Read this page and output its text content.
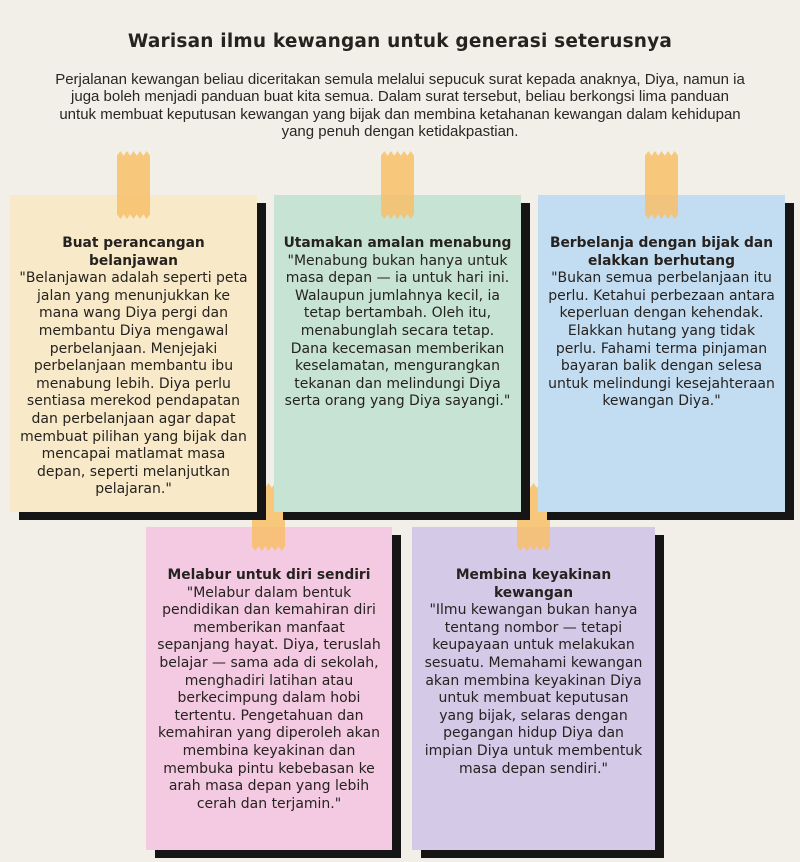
Warisan ilmu kewangan untuk generasi seterusnya

Perjalanan kewangan beliau diceritakan semula melalui sepucuk surat kepada anaknya, Diya, namun ia juga boleh menjadi panduan buat kita semua. Dalam surat tersebut, beliau berkongsi lima panduan untuk membuat keputusan kewangan yang bijak dan membina ketahanan kewangan dalam kehidupan yang penuh dengan ketidakpastian.

Melabur untuk diri sendiri

"Melabur dalam bentuk pendidikan dan kemahiran diri memberikan manfaat sepanjang hayat. Diya, teruslah belajar — sama ada di sekolah, menghadiri latihan atau berkecimpung dalam hobi tertentu. Pengetahuan dan kemahiran yang diperoleh akan membina keyakinan dan membuka pintu kebebasan ke arah masa depan yang lebih cerah dan terjamin."

Membina keyakinan kewangan

"Ilmu kewangan bukan hanya tentang nombor — tetapi keupayaan untuk melakukan sesuatu. Memahami kewangan akan membina keyakinan Diya untuk membuat keputusan yang bijak, selaras dengan pegangan hidup Diya dan impian Diya untuk membentuk masa depan sendiri."

Buat perancangan belanjawan

"Belanjawan adalah seperti peta jalan yang menunjukkan ke mana wang Diya pergi dan membantu Diya mengawal perbelanjaan. Menjejaki perbelanjaan membantu ibu menabung lebih. Diya perlu sentiasa merekod pendapatan dan perbelanjaan agar dapat membuat pilihan yang bijak dan mencapai matlamat masa depan, seperti melanjutkan pelajaran."

Utamakan amalan menabung

"Menabung bukan hanya untuk masa depan — ia untuk hari ini. Walaupun jumlahnya kecil, ia tetap bertambah. Oleh itu, menabunglah secara tetap. Dana kecemasan memberikan keselamatan, mengurangkan tekanan dan melindungi Diya serta orang yang Diya sayangi."

Berbelanja dengan bijak dan elakkan berhutang

"Bukan semua perbelanjaan itu perlu. Ketahui perbezaan antara keperluan dengan kehendak. Elakkan hutang yang tidak perlu. Fahami terma pinjaman bayaran balik dengan selesa untuk melindungi kesejahteraan kewangan Diya."
